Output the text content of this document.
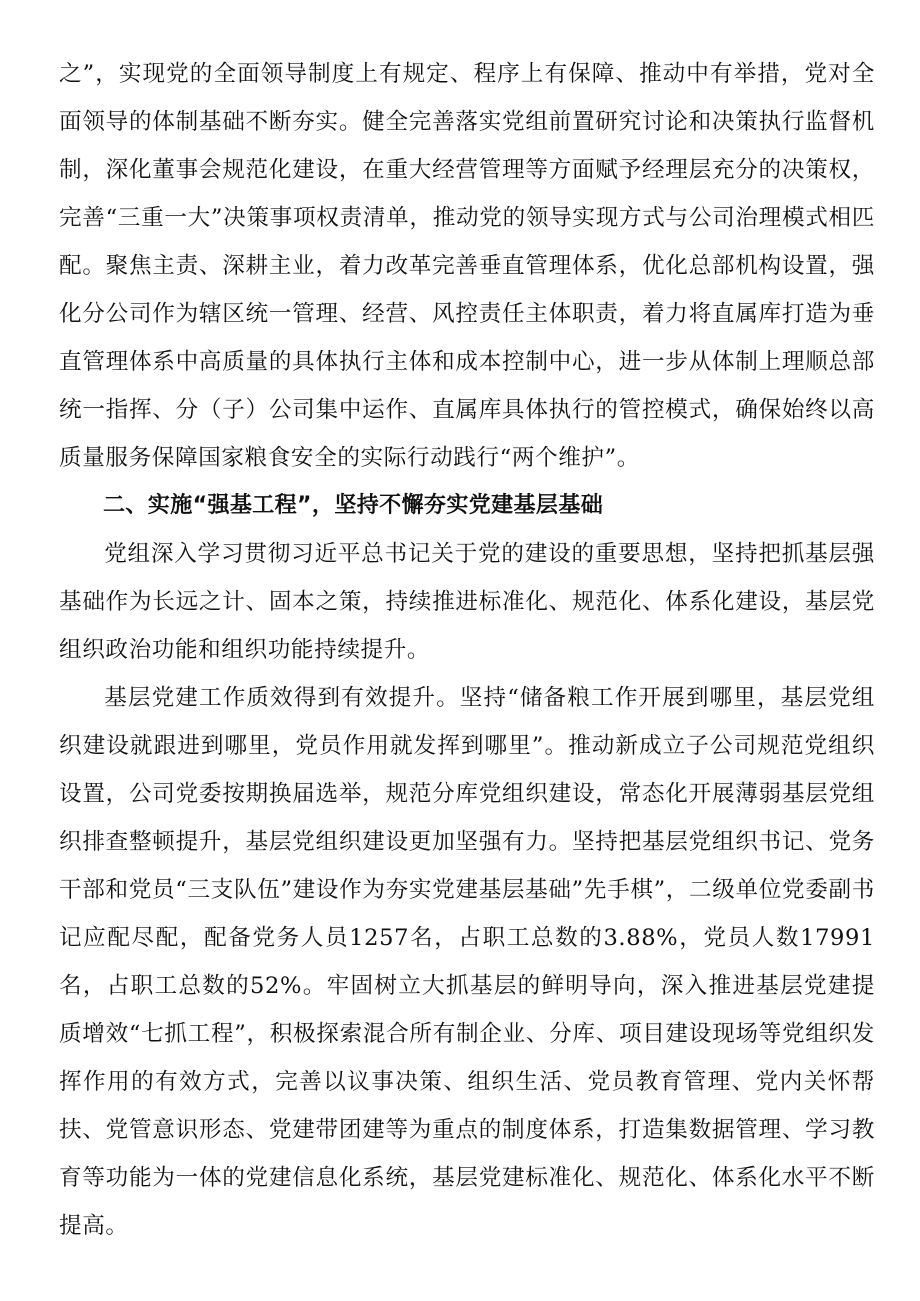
之”，实现党的全面领导制度上有规定、程序上有保障、推动中有举措，党对全面领导的体制基础不断夯实。健全完善落实党组前置研究讨论和决策执行监督机制，深化董事会规范化建设，在重大经营管理等方面赋予经理层充分的决策权，完善“三重一大”决策事项权责清单，推动党的领导实现方式与公司治理模式相匹配。聚焦主责、深耕主业，着力改革完善垂直管理体系，优化总部机构设置，强化分公司作为辖区统一管理、经营、风控责任主体职责，着力将直属库打造为垂直管理体系中高质量的具体执行主体和成本控制中心，进一步从体制上理顺总部统一指挥、分（子）公司集中运作、直属库具体执行的管控模式，确保始终以高质量服务保障国家粮食安全的实际行动践行“两个维护”。

二、实施“强基工程”，坚持不懈夯实党建基层基础

党组深入学习贯彻习近平总书记关于党的建设的重要思想，坚持把抓基层强基础作为长远之计、固本之策，持续推进标准化、规范化、体系化建设，基层党组织政治功能和组织功能持续提升。

基层党建工作质效得到有效提升。坚持“储备粮工作开展到哪里，基层党组织建设就跟进到哪里，党员作用就发挥到哪里”。推动新成立子公司规范党组织设置，公司党委按期换届选举，规范分库党组织建设，常态化开展薄弱基层党组织排查整顿提升，基层党组织建设更加坚强有力。坚持把基层党组织书记、党务干部和党员“三支队伍”建设作为夯实党建基层基础”先手棋”，二级单位党委副书记应配尽配，配备党务人员1257名，占职工总数的3.88%，党员人数17991名，占职工总数的52%。牢固树立大抓基层的鲜明导向，深入推进基层党建提质增效“七抓工程”，积极探索混合所有制企业、分库、项目建设现场等党组织发挥作用的有效方式，完善以议事决策、组织生活、党员教育管理、党内关怀帮扶、党管意识形态、党建带团建等为重点的制度体系，打造集数据管理、学习教育等功能为一体的党建信息化系统，基层党建标准化、规范化、体系化水平不断提高。
